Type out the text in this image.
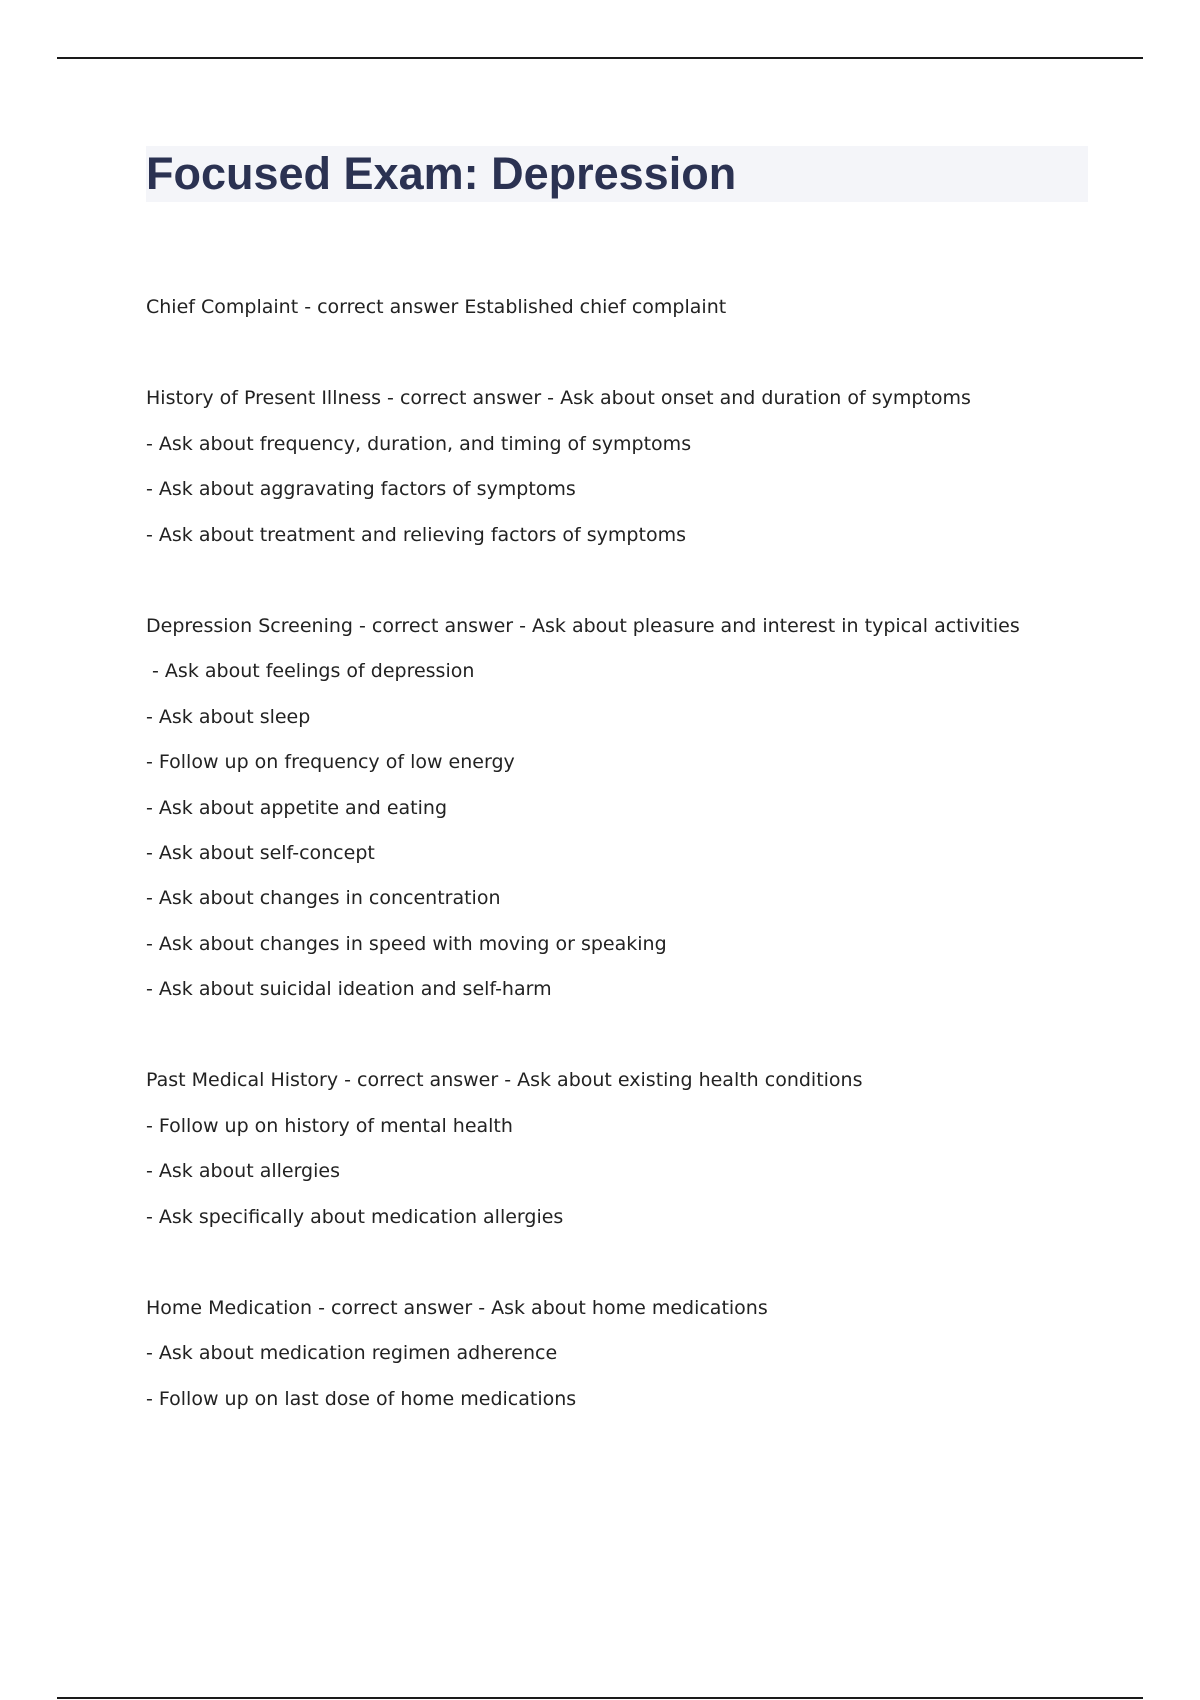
Focused Exam: Depression

Chief Complaint - correct answer Established chief complaint

History of Present Illness - correct answer - Ask about onset and duration of symptoms

- Ask about frequency, duration, and timing of symptoms

- Ask about aggravating factors of symptoms

- Ask about treatment and relieving factors of symptoms

Depression Screening - correct answer - Ask about pleasure and interest in typical activities

- Ask about feelings of depression

- Ask about sleep

- Follow up on frequency of low energy

- Ask about appetite and eating

- Ask about self-concept

- Ask about changes in concentration

- Ask about changes in speed with moving or speaking

- Ask about suicidal ideation and self-harm

Past Medical History - correct answer - Ask about existing health conditions

- Follow up on history of mental health

- Ask about allergies

- Ask specifically about medication allergies

Home Medication - correct answer - Ask about home medications

- Ask about medication regimen adherence

- Follow up on last dose of home medications
